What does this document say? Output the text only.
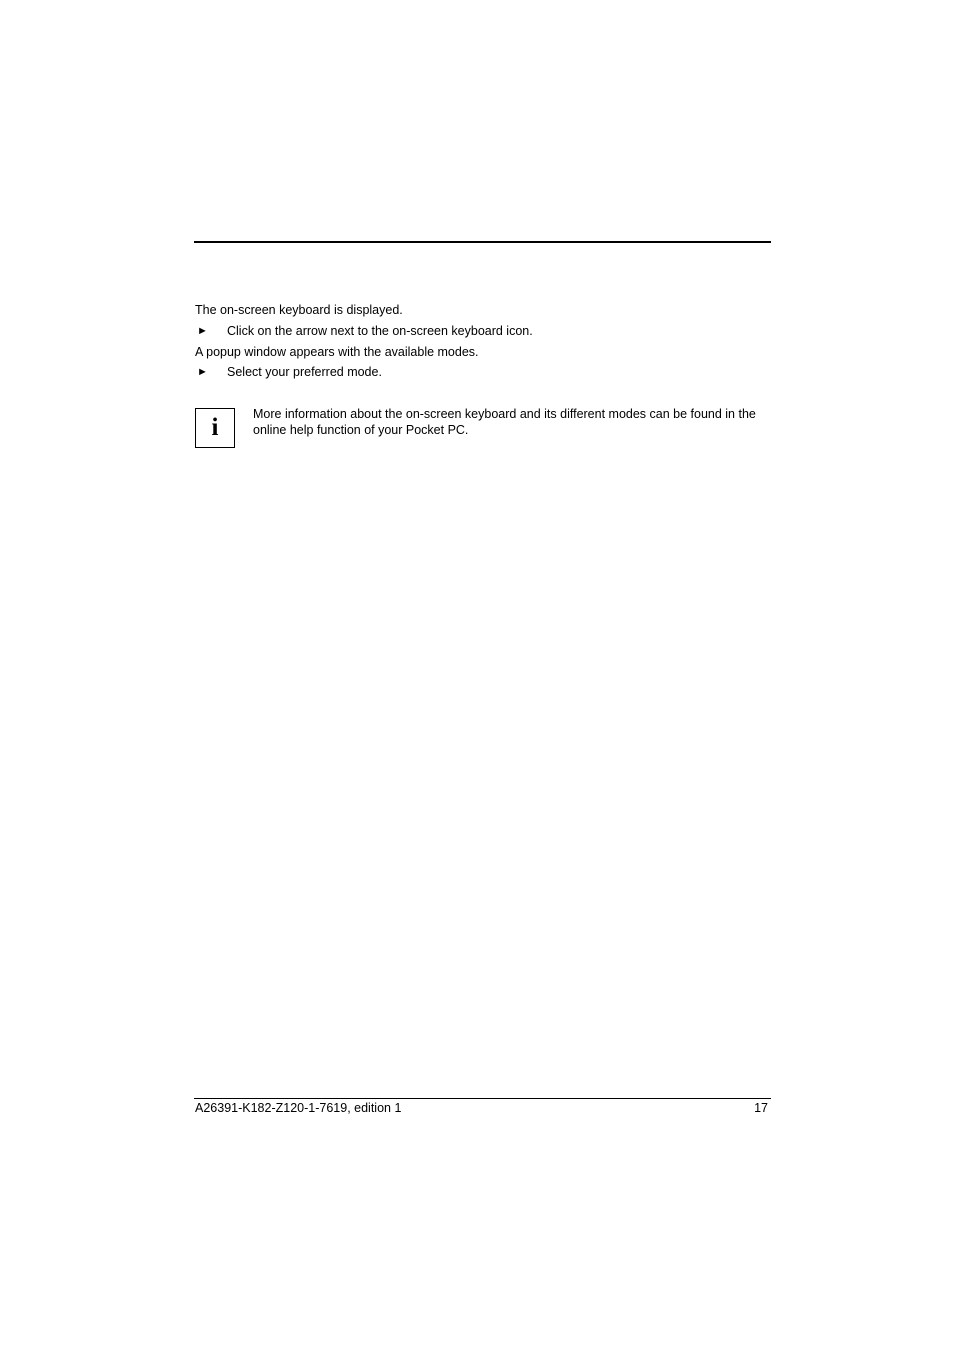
The on-screen keyboard is displayed.
► Click on the arrow next to the on-screen keyboard icon.
A popup window appears with the available modes.
► Select your preferred mode.
i	More information about the on-screen keyboard and its different modes can be found in the online help function of your Pocket PC.
A26391-K182-Z120-1-7619, edition 1	17
